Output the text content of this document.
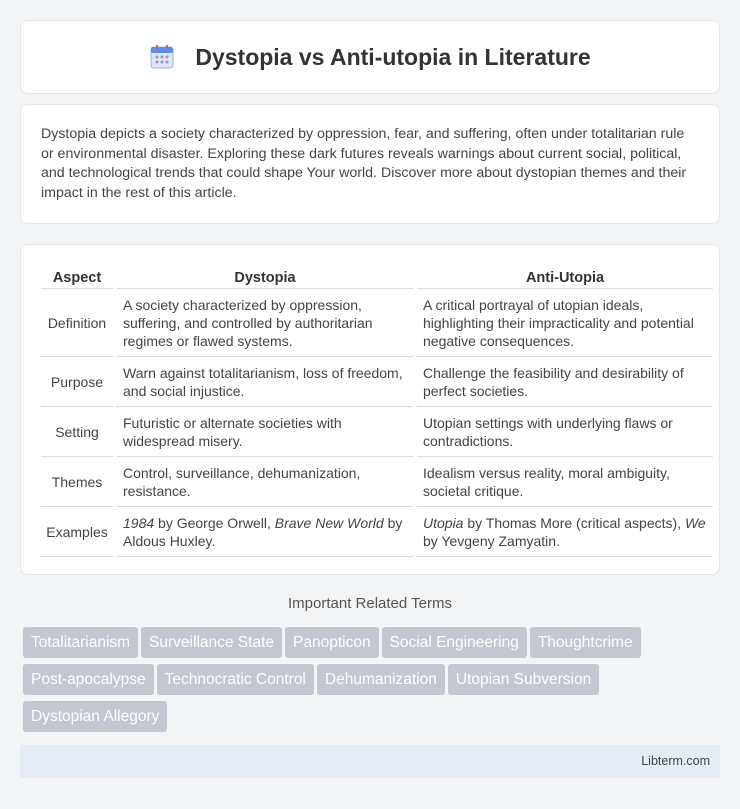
Dystopia vs Anti-utopia in Literature

Dystopia depicts a society characterized by oppression, fear, and suffering, often under totalitarian rule or environmental disaster. Exploring these dark futures reveals warnings about current social, political, and technological trends that could shape Your world. Discover more about dystopian themes and their impact in the rest of this article.

Aspect	Dystopia	Anti-Utopia
Definition	A society characterized by oppression, suffering, and controlled by authoritarian regimes or flawed systems.	A critical portrayal of utopian ideals, highlighting their impracticality and potential negative consequences.
Purpose	Warn against totalitarianism, loss of freedom, and social injustice.	Challenge the feasibility and desirability of perfect societies.
Setting	Futuristic or alternate societies with widespread misery.	Utopian settings with underlying flaws or contradictions.
Themes	Control, surveillance, dehumanization, resistance.	Idealism versus reality, moral ambiguity, societal critique.
Examples	1984 by George Orwell, Brave New World by Aldous Huxley.	Utopia by Thomas More (critical aspects), We by Yevgeny Zamyatin.
Important Related Terms
Totalitarianism Surveillance State Panopticon Social Engineering Thoughtcrime
Post-apocalypse Technocratic Control Dehumanization Utopian Subversion
Dystopian Allegory
Libterm.com
